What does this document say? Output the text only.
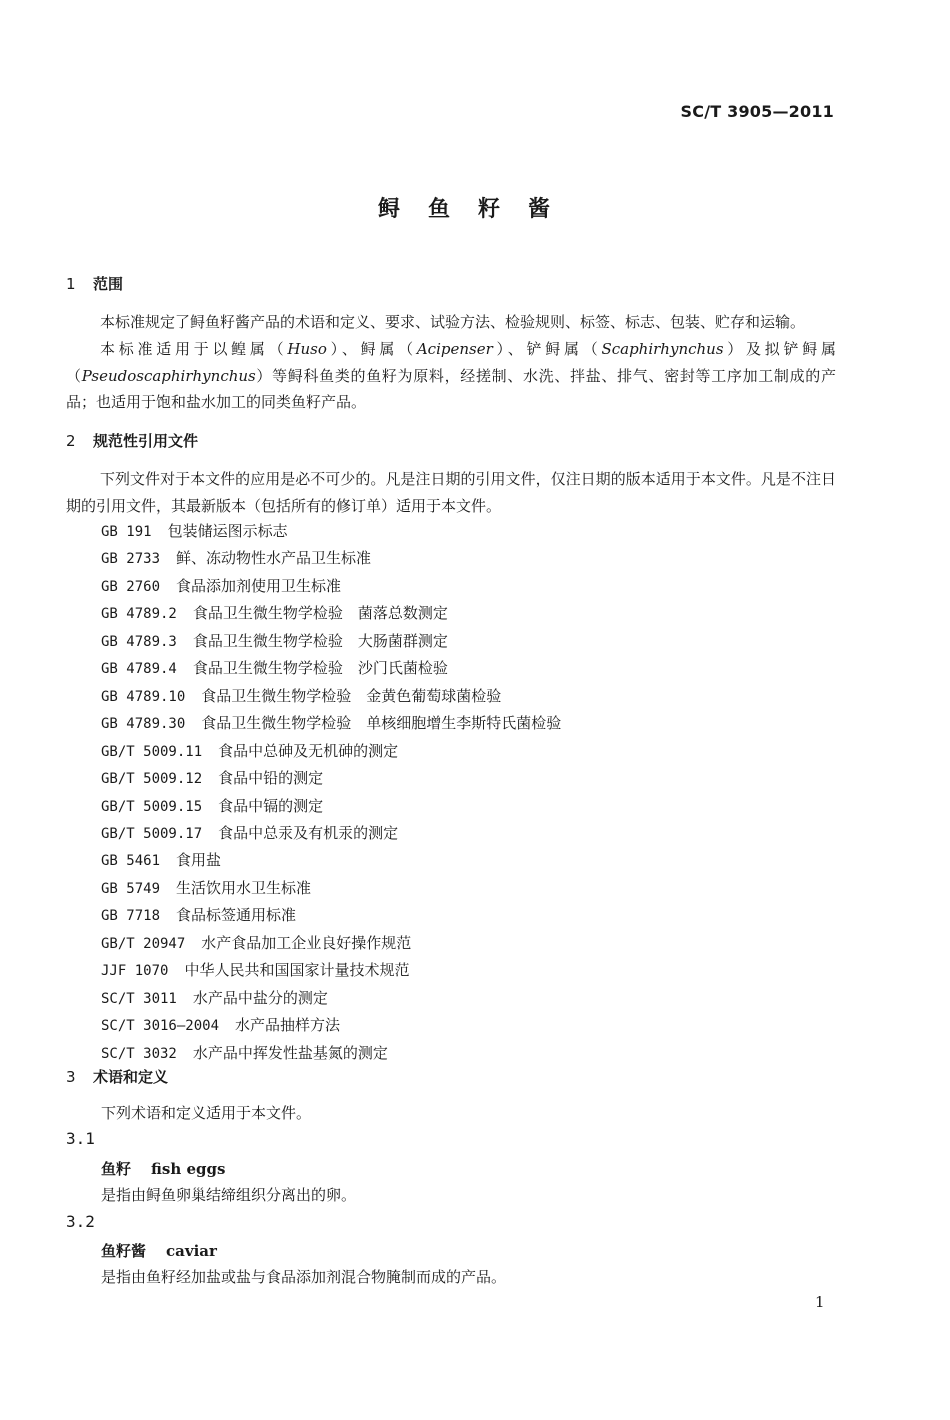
SC/T 3905—2011
鲟鱼籽酱
1 范围
本标准规定了鲟鱼籽酱产品的术语和定义、要求、试验方法、检验规则、标签、标志、包装、贮存和运输。
本标准适用于以鳇属（Huso）、鲟属（Acipenser）、铲鲟属（Scaphirhynchus）及拟铲鲟属（Pseudoscaphirhynchus）等鲟科鱼类的鱼籽为原料，经搓制、水洗、拌盐、排气、密封等工序加工制成的产品；也适用于饱和盐水加工的同类鱼籽产品。
2 规范性引用文件
下列文件对于本文件的应用是必不可少的。凡是注日期的引用文件，仅注日期的版本适用于本文件。凡是不注日期的引用文件，其最新版本（包括所有的修订单）适用于本文件。
GB 191 包装储运图示标志
GB 2733 鲜、冻动物性水产品卫生标准
GB 2760 食品添加剂使用卫生标准
GB 4789.2 食品卫生微生物学检验　菌落总数测定
GB 4789.3 食品卫生微生物学检验　大肠菌群测定
GB 4789.4 食品卫生微生物学检验　沙门氏菌检验
GB 4789.10 食品卫生微生物学检验　金黄色葡萄球菌检验
GB 4789.30 食品卫生微生物学检验　单核细胞增生李斯特氏菌检验
GB/T 5009.11 食品中总砷及无机砷的测定
GB/T 5009.12 食品中铅的测定
GB/T 5009.15 食品中镉的测定
GB/T 5009.17 食品中总汞及有机汞的测定
GB 5461 食用盐
GB 5749 生活饮用水卫生标准
GB 7718 食品标签通用标准
GB/T 20947 水产食品加工企业良好操作规范
JJF 1070 中华人民共和国国家计量技术规范
SC/T 3011 水产品中盐分的测定
SC/T 3016—2004 水产品抽样方法
SC/T 3032 水产品中挥发性盐基氮的测定
3 术语和定义
下列术语和定义适用于本文件。
3.1
鱼籽 fish eggs
是指由鲟鱼卵巢结缔组织分离出的卵。
3.2
鱼籽酱 caviar
是指由鱼籽经加盐或盐与食品添加剂混合物腌制而成的产品。
1
